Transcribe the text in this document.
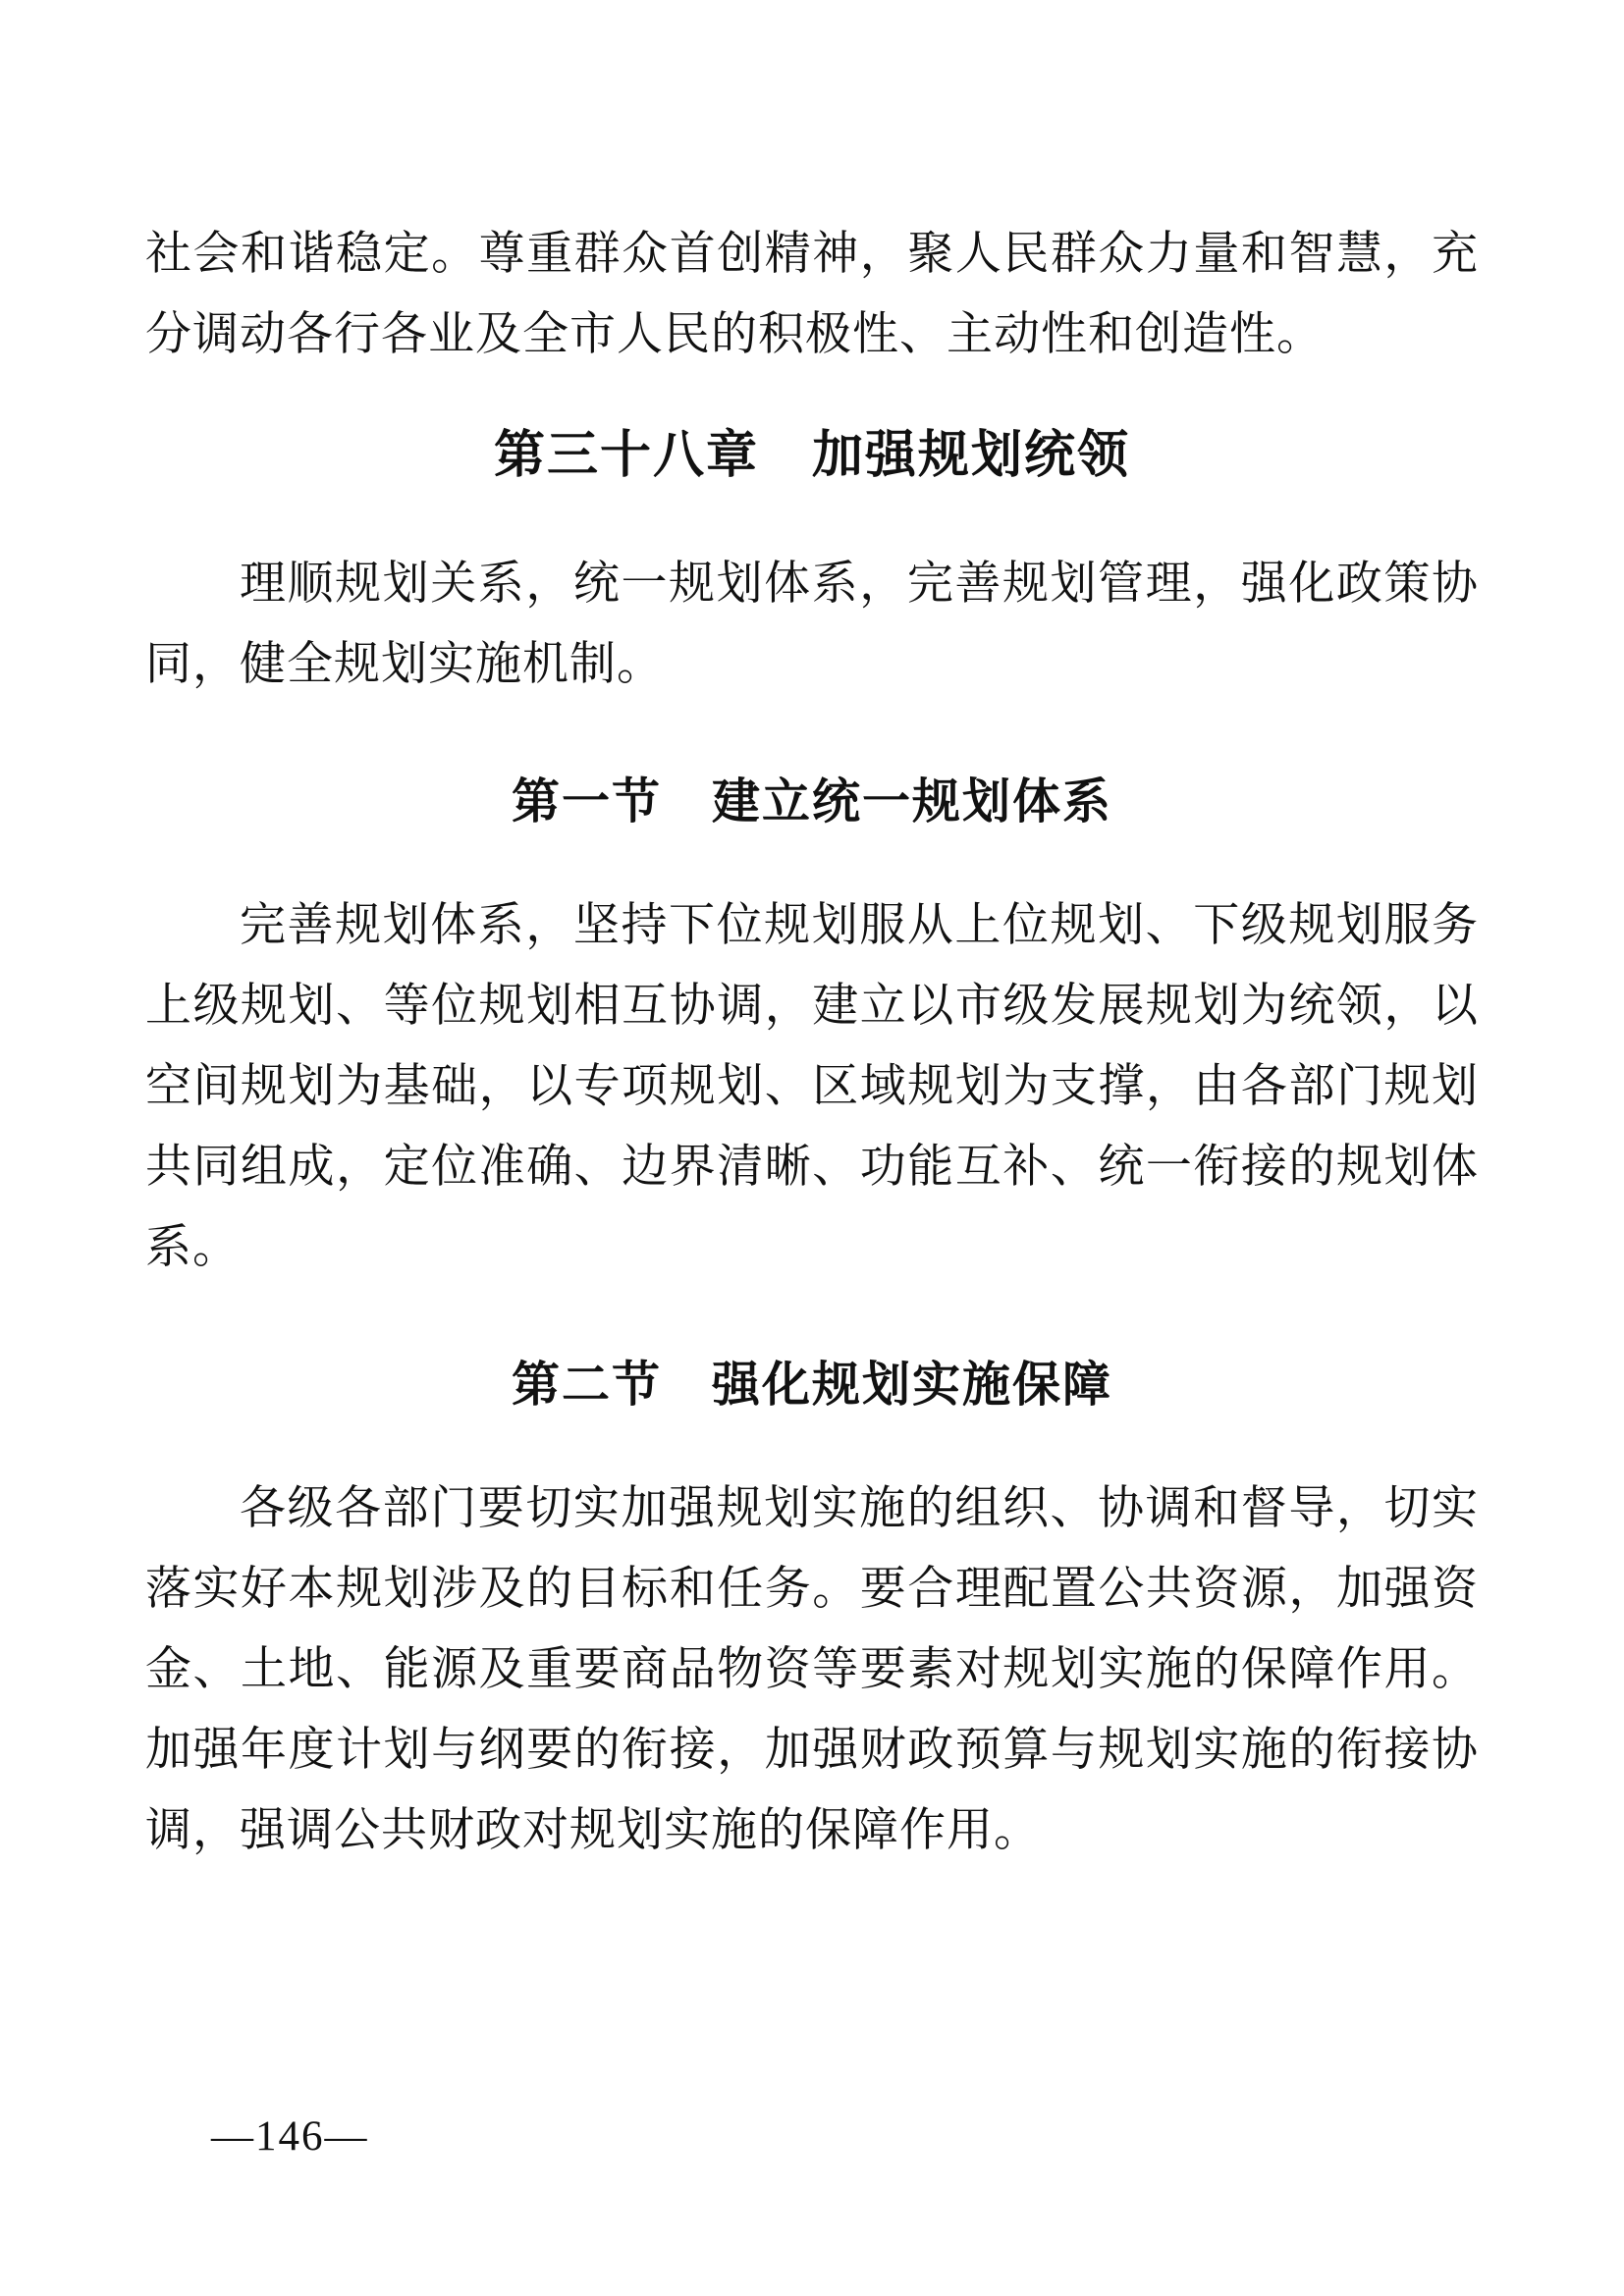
社会和谐稳定。尊重群众首创精神，聚人民群众力量和智慧，充分调动各行各业及全市人民的积极性、主动性和创造性。

第三十八章　加强规划统领

理顺规划关系，统一规划体系，完善规划管理，强化政策协同，健全规划实施机制。

第一节　建立统一规划体系

完善规划体系，坚持下位规划服从上位规划、下级规划服务上级规划、等位规划相互协调，建立以市级发展规划为统领，以空间规划为基础，以专项规划、区域规划为支撑，由各部门规划共同组成，定位准确、边界清晰、功能互补、统一衔接的规划体系。

第二节　强化规划实施保障

各级各部门要切实加强规划实施的组织、协调和督导，切实落实好本规划涉及的目标和任务。要合理配置公共资源，加强资金、土地、能源及重要商品物资等要素对规划实施的保障作用。加强年度计划与纲要的衔接，加强财政预算与规划实施的衔接协调，强调公共财政对规划实施的保障作用。

—146—
